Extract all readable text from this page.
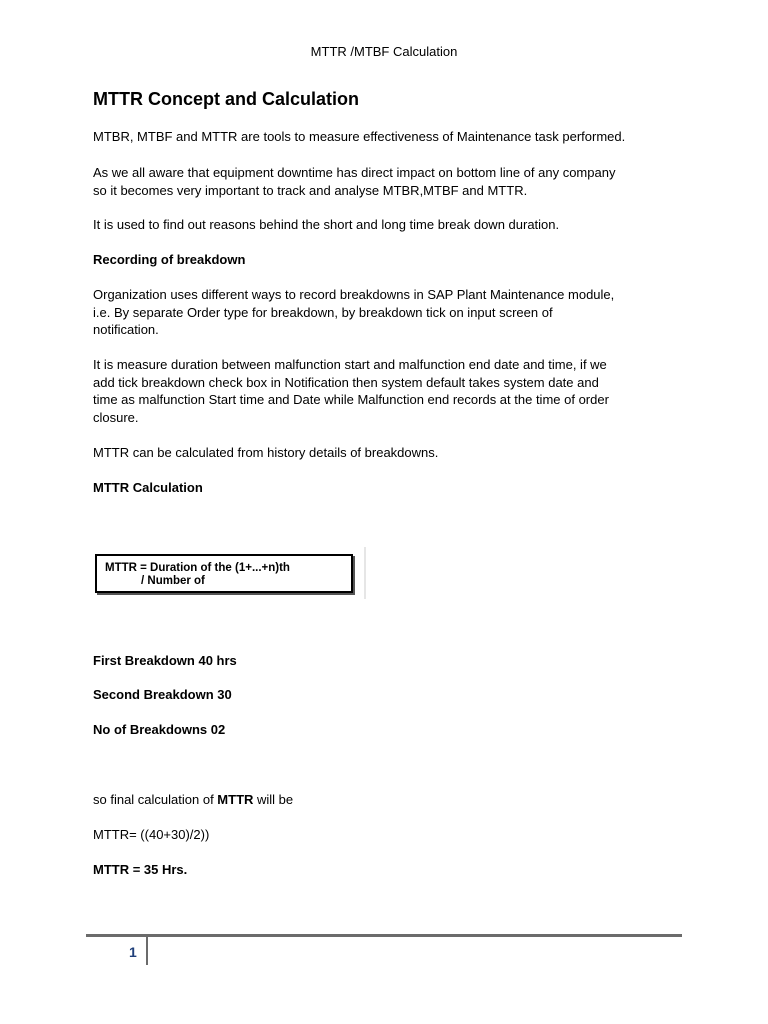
MTTR /MTBF Calculation
MTTR Concept and Calculation

MTBR, MTBF and MTTR are tools to measure effectiveness of Maintenance task performed.

As we all aware that equipment downtime has direct impact on bottom line of any company
so it becomes very important to track and analyse MTBR,MTBF and MTTR.

It is used to find out reasons behind the short and long time break down duration.

Recording of breakdown

Organization uses different ways to record breakdowns in SAP Plant Maintenance module,
i.e. By separate Order type for breakdown, by breakdown tick on input screen of
notification.
It is measure duration between malfunction start and malfunction end date and time, if we
add tick breakdown check box in Notification then system default takes system date and
time as malfunction Start time and Date while Malfunction end records at the time of order
closure.

MTTR can be calculated from history details of breakdowns.

MTTR Calculation

MTTR = Duration of the (1+...+n)th
/ Number of

First Breakdown 40 hrs

Second Breakdown 30

No of Breakdowns 02

so final calculation of MTTR will be

MTTR= ((40+30)/2))

MTTR = 35 Hrs.

1
